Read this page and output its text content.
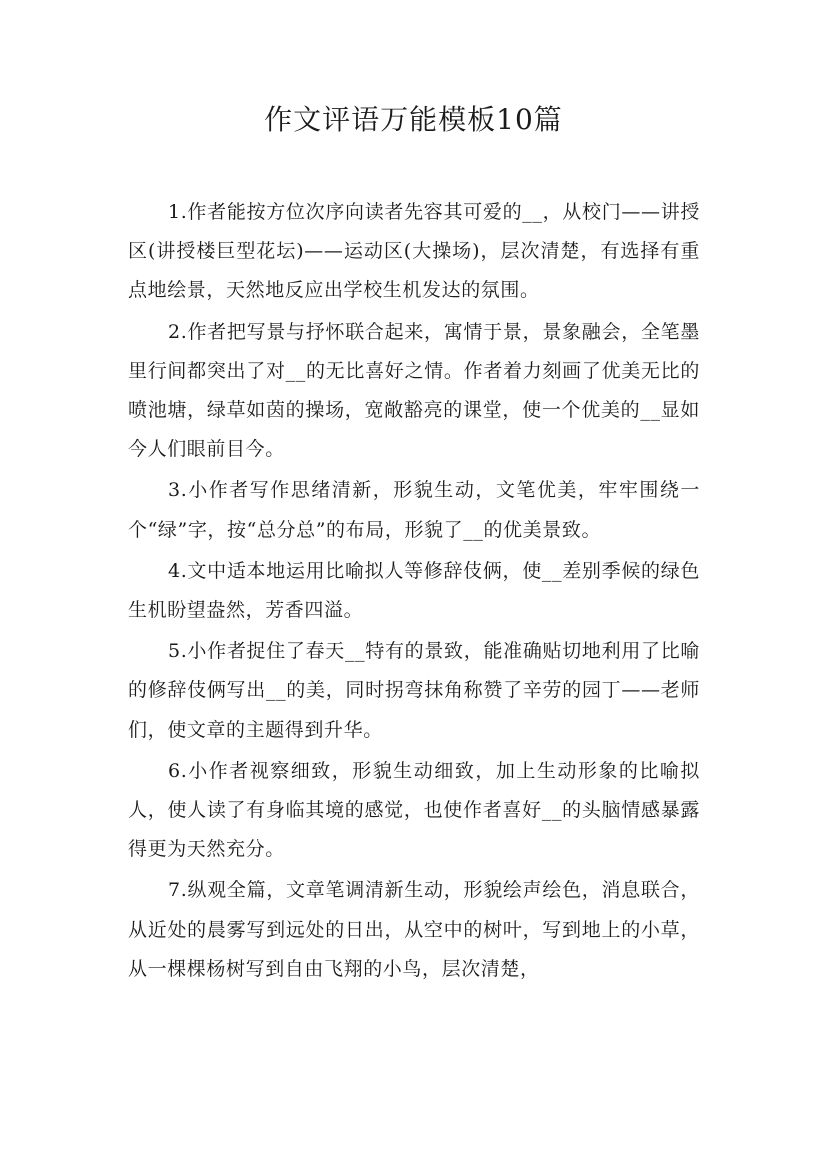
作文评语万能模板10篇

1.作者能按方位次序向读者先容其可爱的__，从校门——讲授区(讲授楼巨型花坛)——运动区(大操场)，层次清楚，有选择有重点地绘景，天然地反应出学校生机发达的氛围。

2.作者把写景与抒怀联合起来，寓情于景，景象融会，全笔墨里行间都突出了对__的无比喜好之情。作者着力刻画了优美无比的喷池塘，绿草如茵的操场，宽敞豁亮的课堂，使一个优美的__显如今人们眼前目今。

3.小作者写作思绪清新，形貌生动，文笔优美，牢牢围绕一个“绿”字，按“总分总”的布局，形貌了__的优美景致。

4.文中适本地运用比喻拟人等修辞伎俩，使__差别季候的绿色生机盼望盎然，芳香四溢。

5.小作者捉住了春天__特有的景致，能准确贴切地利用了比喻的修辞伎俩写出__的美，同时拐弯抹角称赞了辛劳的园丁——老师们，使文章的主题得到升华。

6.小作者视察细致，形貌生动细致，加上生动形象的比喻拟人，使人读了有身临其境的感觉，也使作者喜好__的头脑情感暴露得更为天然充分。

7.纵观全篇，文章笔调清新生动，形貌绘声绘色，消息联合，从近处的晨雾写到远处的日出，从空中的树叶，写到地上的小草，从一棵棵杨树写到自由飞翔的小鸟，层次清楚，
